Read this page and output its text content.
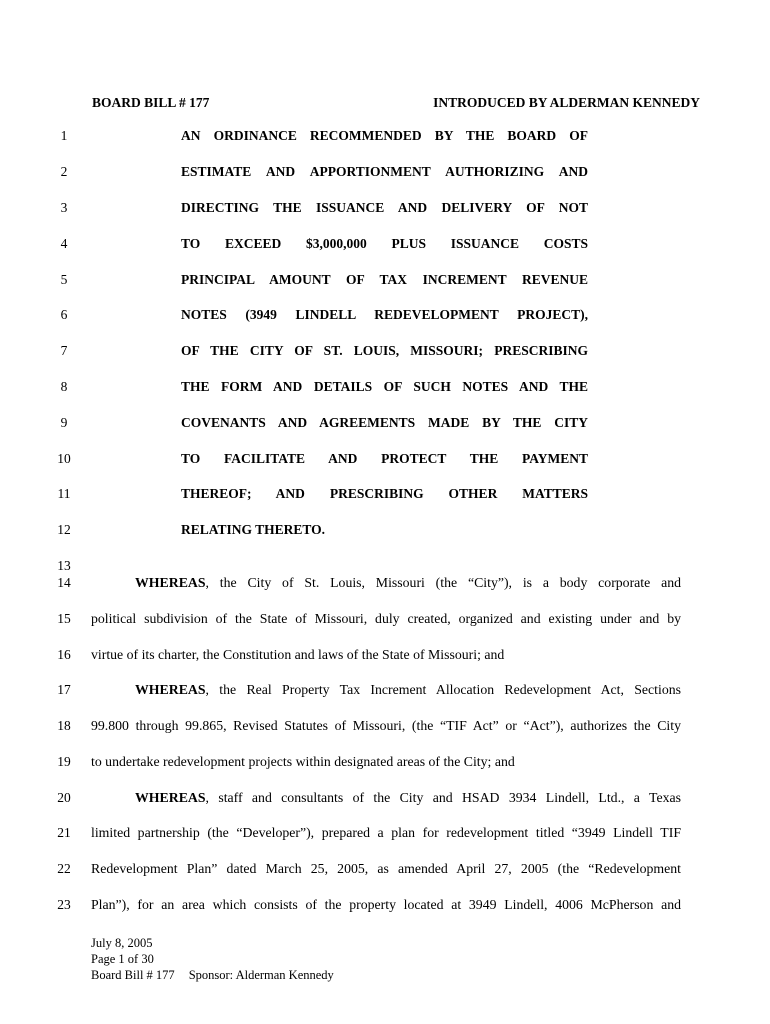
BOARD BILL # 177	INTRODUCED BY ALDERMAN KENNEDY
1
2
3
4
5
6
7
8
9
10
11
12
13
14
15
16
17
18
19
20
21
22
23
AN ORDINANCE RECOMMENDED BY THE BOARD OF
ESTIMATE AND APPORTIONMENT AUTHORIZING AND
DIRECTING THE ISSUANCE AND DELIVERY OF NOT
TO EXCEED $3,000,000 PLUS ISSUANCE COSTS
PRINCIPAL AMOUNT OF TAX INCREMENT REVENUE
NOTES (3949 LINDELL REDEVELOPMENT PROJECT),
OF THE CITY OF ST. LOUIS, MISSOURI; PRESCRIBING
THE FORM AND DETAILS OF SUCH NOTES AND THE
COVENANTS AND AGREEMENTS MADE BY THE CITY
TO FACILITATE AND PROTECT THE PAYMENT
THEREOF; AND PRESCRIBING OTHER MATTERS
RELATING THERETO.
WHEREAS, the City of St. Louis, Missouri (the “City”), is a body corporate and
political subdivision of the State of Missouri, duly created, organized and existing under and by
virtue of its charter, the Constitution and laws of the State of Missouri; and
WHEREAS, the Real Property Tax Increment Allocation Redevelopment Act, Sections
99.800 through 99.865, Revised Statutes of Missouri, (the “TIF Act” or “Act”), authorizes the City
to undertake redevelopment projects within designated areas of the City; and
WHEREAS, staff and consultants of the City and HSAD 3934 Lindell, Ltd., a Texas
limited partnership (the “Developer”), prepared a plan for redevelopment titled “3949 Lindell TIF
Redevelopment Plan” dated March 25, 2005, as amended April 27, 2005 (the “Redevelopment
Plan”), for an area which consists of the property located at 3949 Lindell, 4006 McPherson and
July 8, 2005
Page 1 of 30
Board Bill # 177 Sponsor: Alderman Kennedy
